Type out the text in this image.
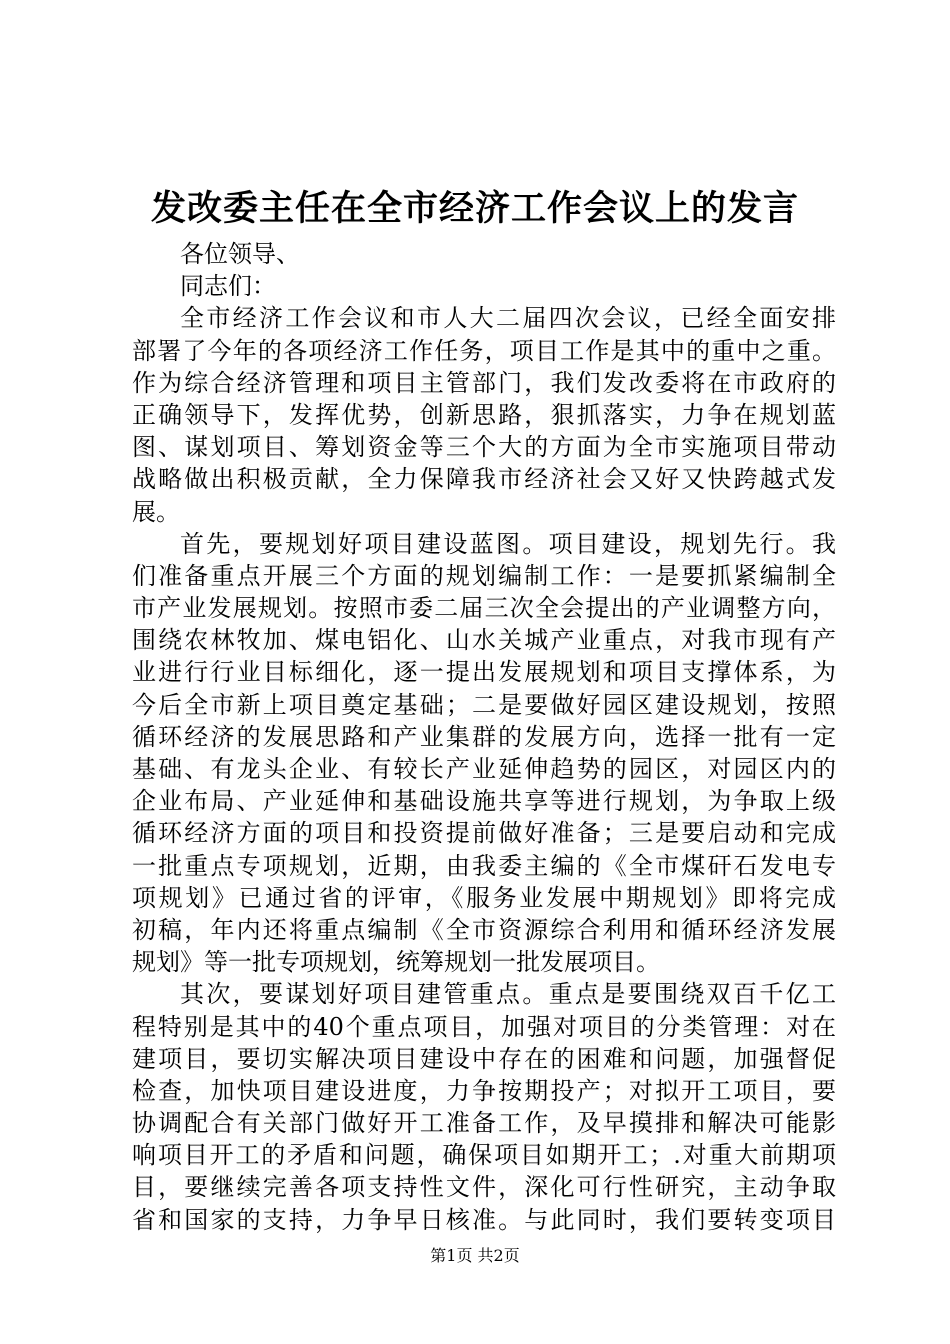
发改委主任在全市经济工作会议上的发言
各位领导、
同志们：
全市经济工作会议和市人大二届四次会议，已经全面安排
部署了今年的各项经济工作任务，项目工作是其中的重中之重。
作为综合经济管理和项目主管部门，我们发改委将在市政府的
正确领导下，发挥优势，创新思路，狠抓落实，力争在规划蓝
图、谋划项目、筹划资金等三个大的方面为全市实施项目带动
战略做出积极贡献，全力保障我市经济社会又好又快跨越式发
展。
首先，要规划好项目建设蓝图。项目建设，规划先行。我
们准备重点开展三个方面的规划编制工作：一是要抓紧编制全
市产业发展规划。按照市委二届三次全会提出的产业调整方向，
围绕农林牧加、煤电铝化、山水关城产业重点，对我市现有产
业进行行业目标细化，逐一提出发展规划和项目支撑体系，为
今后全市新上项目奠定基础；二是要做好园区建设规划，按照
循环经济的发展思路和产业集群的发展方向，选择一批有一定
基础、有龙头企业、有较长产业延伸趋势的园区，对园区内的
企业布局、产业延伸和基础设施共享等进行规划，为争取上级
循环经济方面的项目和投资提前做好准备；三是要启动和完成
一批重点专项规划，近期，由我委主编的《全市煤矸石发电专
项规划》已通过省的评审，《服务业发展中期规划》即将完成
初稿，年内还将重点编制《全市资源综合利用和循环经济发展
规划》等一批专项规划，统筹规划一批发展项目。
其次，要谋划好项目建管重点。重点是要围绕双百千亿工
程特别是其中的40个重点项目，加强对项目的分类管理：对在
建项目，要切实解决项目建设中存在的困难和问题，加强督促
检查，加快项目建设进度，力争按期投产；对拟开工项目，要
协调配合有关部门做好开工准备工作，及早摸排和解决可能影
响项目开工的矛盾和问题，确保项目如期开工；.对重大前期项
目，要继续完善各项支持性文件，深化可行性研究，主动争取
省和国家的支持，力争早日核准。与此同时，我们要转变项目
第1页 共2页
